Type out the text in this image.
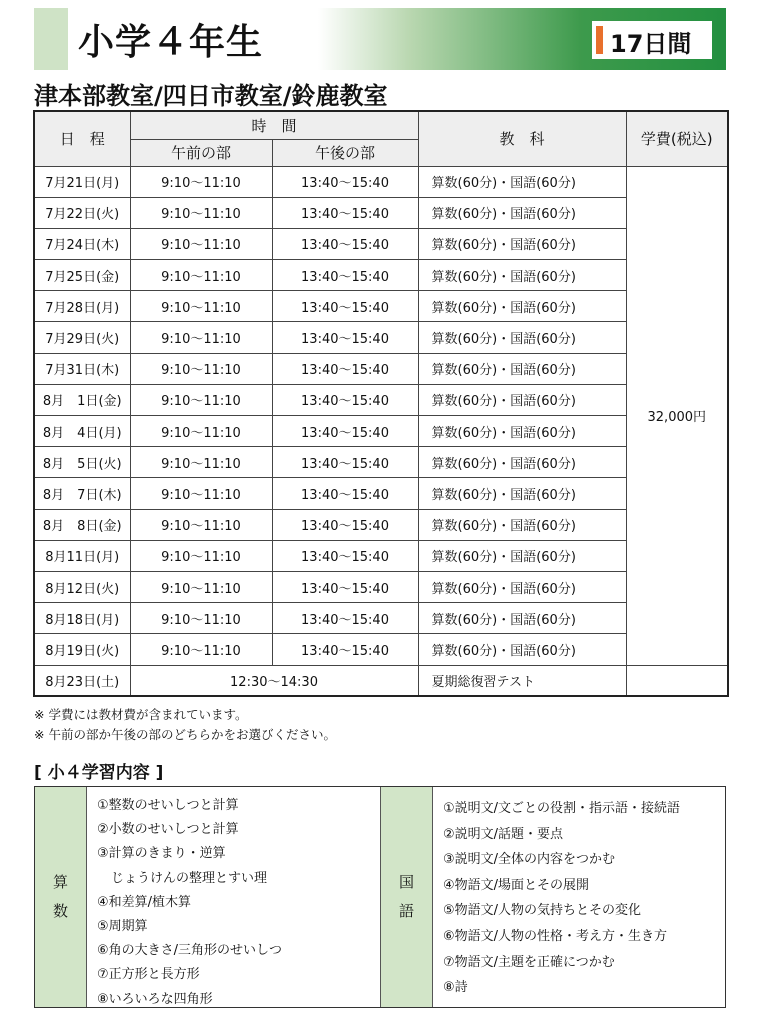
小学４年生	17日間
津本部教室/四日市教室/鈴鹿教室
日　程	時　間		教　科	学費(税込)
	午前の部	午後の部		
7月21日(月)	9:10〜11:10	13:40〜15:40	算数(60分)・国語(60分)	32,000円
7月22日(火)	9:10〜11:10	13:40〜15:40	算数(60分)・国語(60分)	
7月24日(木)	9:10〜11:10	13:40〜15:40	算数(60分)・国語(60分)	
7月25日(金)	9:10〜11:10	13:40〜15:40	算数(60分)・国語(60分)	
7月28日(月)	9:10〜11:10	13:40〜15:40	算数(60分)・国語(60分)	
7月29日(火)	9:10〜11:10	13:40〜15:40	算数(60分)・国語(60分)	
7月31日(木)	9:10〜11:10	13:40〜15:40	算数(60分)・国語(60分)	
8月　1日(金)	9:10〜11:10	13:40〜15:40	算数(60分)・国語(60分)	
8月　4日(月)	9:10〜11:10	13:40〜15:40	算数(60分)・国語(60分)	
8月　5日(火)	9:10〜11:10	13:40〜15:40	算数(60分)・国語(60分)	
8月　7日(木)	9:10〜11:10	13:40〜15:40	算数(60分)・国語(60分)	
8月　8日(金)	9:10〜11:10	13:40〜15:40	算数(60分)・国語(60分)	
8月11日(月)	9:10〜11:10	13:40〜15:40	算数(60分)・国語(60分)	
8月12日(火)	9:10〜11:10	13:40〜15:40	算数(60分)・国語(60分)	
8月18日(月)	9:10〜11:10	13:40〜15:40	算数(60分)・国語(60分)	
8月19日(火)	9:10〜11:10	13:40〜15:40	算数(60分)・国語(60分)	
8月23日(土)	12:30〜14:30		夏期総復習テスト	
※ 学費には教材費が含まれています。
※ 午前の部か午後の部のどちらかをお選びください。
[ 小４学習内容 ]
算
数
①整数のせいしつと計算
②小数のせいしつと計算
③計算のきまり・逆算
じょうけんの整理とすい理
④和差算/植木算
⑤周期算
⑥角の大きさ/三角形のせいしつ
⑦正方形と長方形
⑧いろいろな四角形
国
語
①説明文/文ごとの役割・指示語・接続語
②説明文/話題・要点
③説明文/全体の内容をつかむ
④物語文/場面とその展開
⑤物語文/人物の気持ちとその変化
⑥物語文/人物の性格・考え方・生き方
⑦物語文/主題を正確につかむ
⑧詩
